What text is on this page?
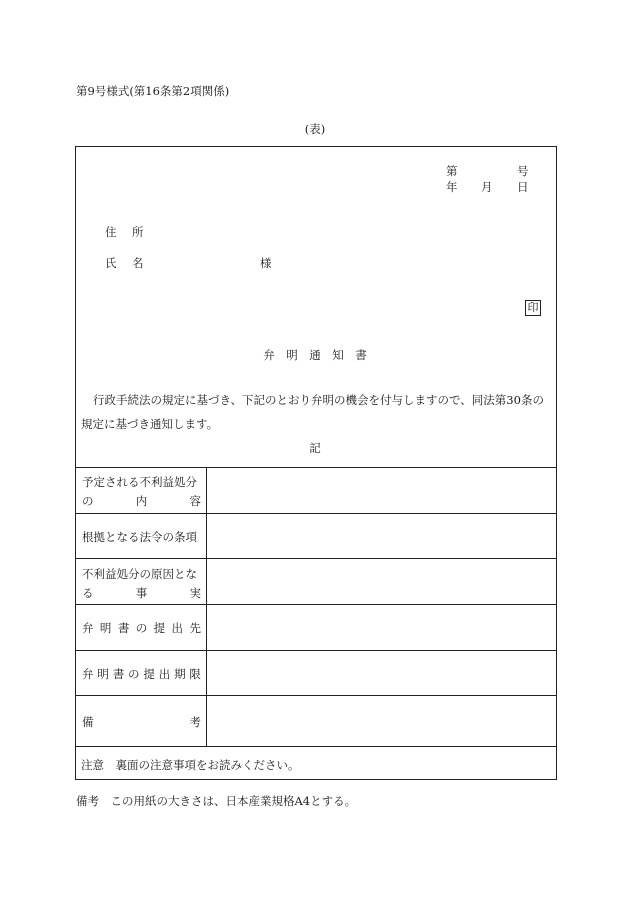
第9号様式(第16条第2項関係)
(表)
第	号
年 月 日
住　所
氏　名	様
印
弁　明　通　知　書
行政手続法の規定に基づき、下記のとおり弁明の機会を付与しますので、同法第30条の
規定に基づき通知します。
記
予定される不利益処分
の	内	容
根拠となる法令の条項
不利益処分の原因とな
る	事	実
弁 明 書 の 提 出 先
弁 明 書 の 提 出 期 限
備	考
注意　裏面の注意事項をお読みください。
備考　この用紙の大きさは、日本産業規格A4とする。
